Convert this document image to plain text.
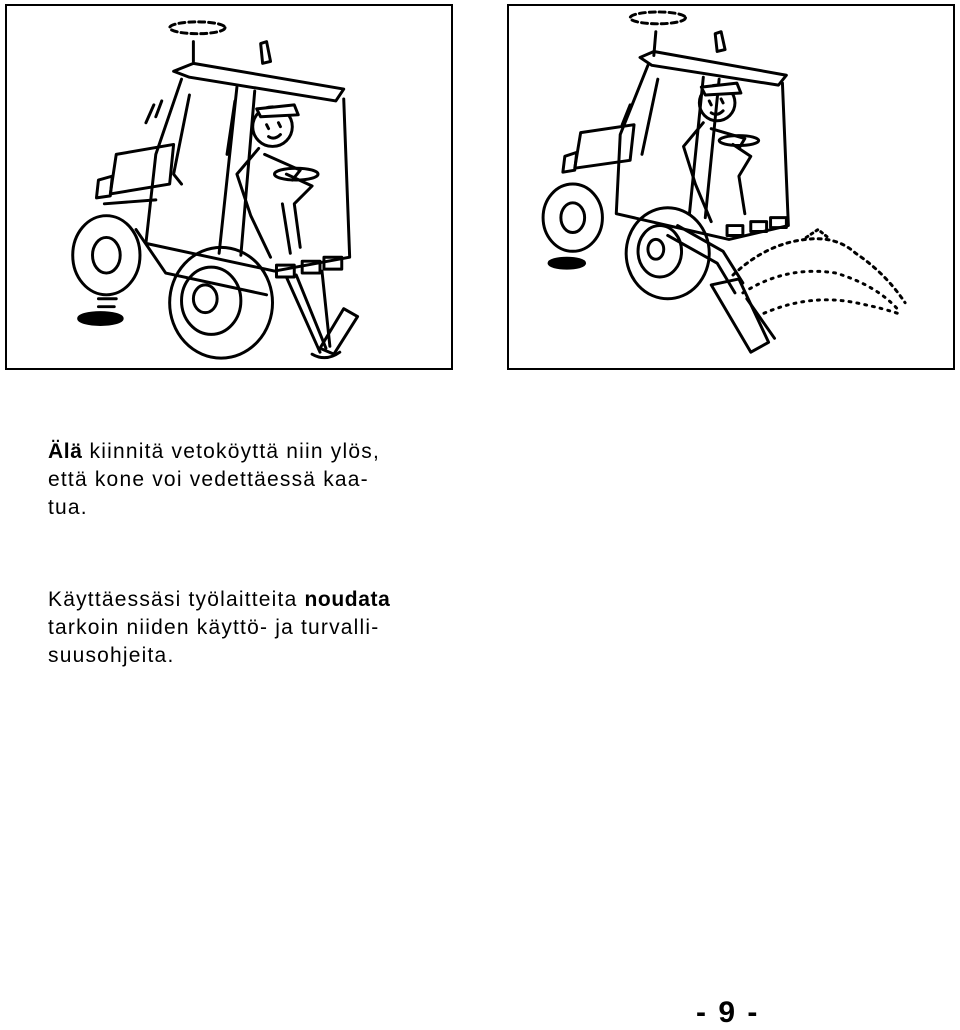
Älä kiinnitä vetoköyttä niin ylös,
että kone voi vedettäessä kaa-
tua.

Käyttäessäsi työlaitteita noudata
tarkoin niiden käyttö- ja turvalli-
suusohjeita.

- 9 -
